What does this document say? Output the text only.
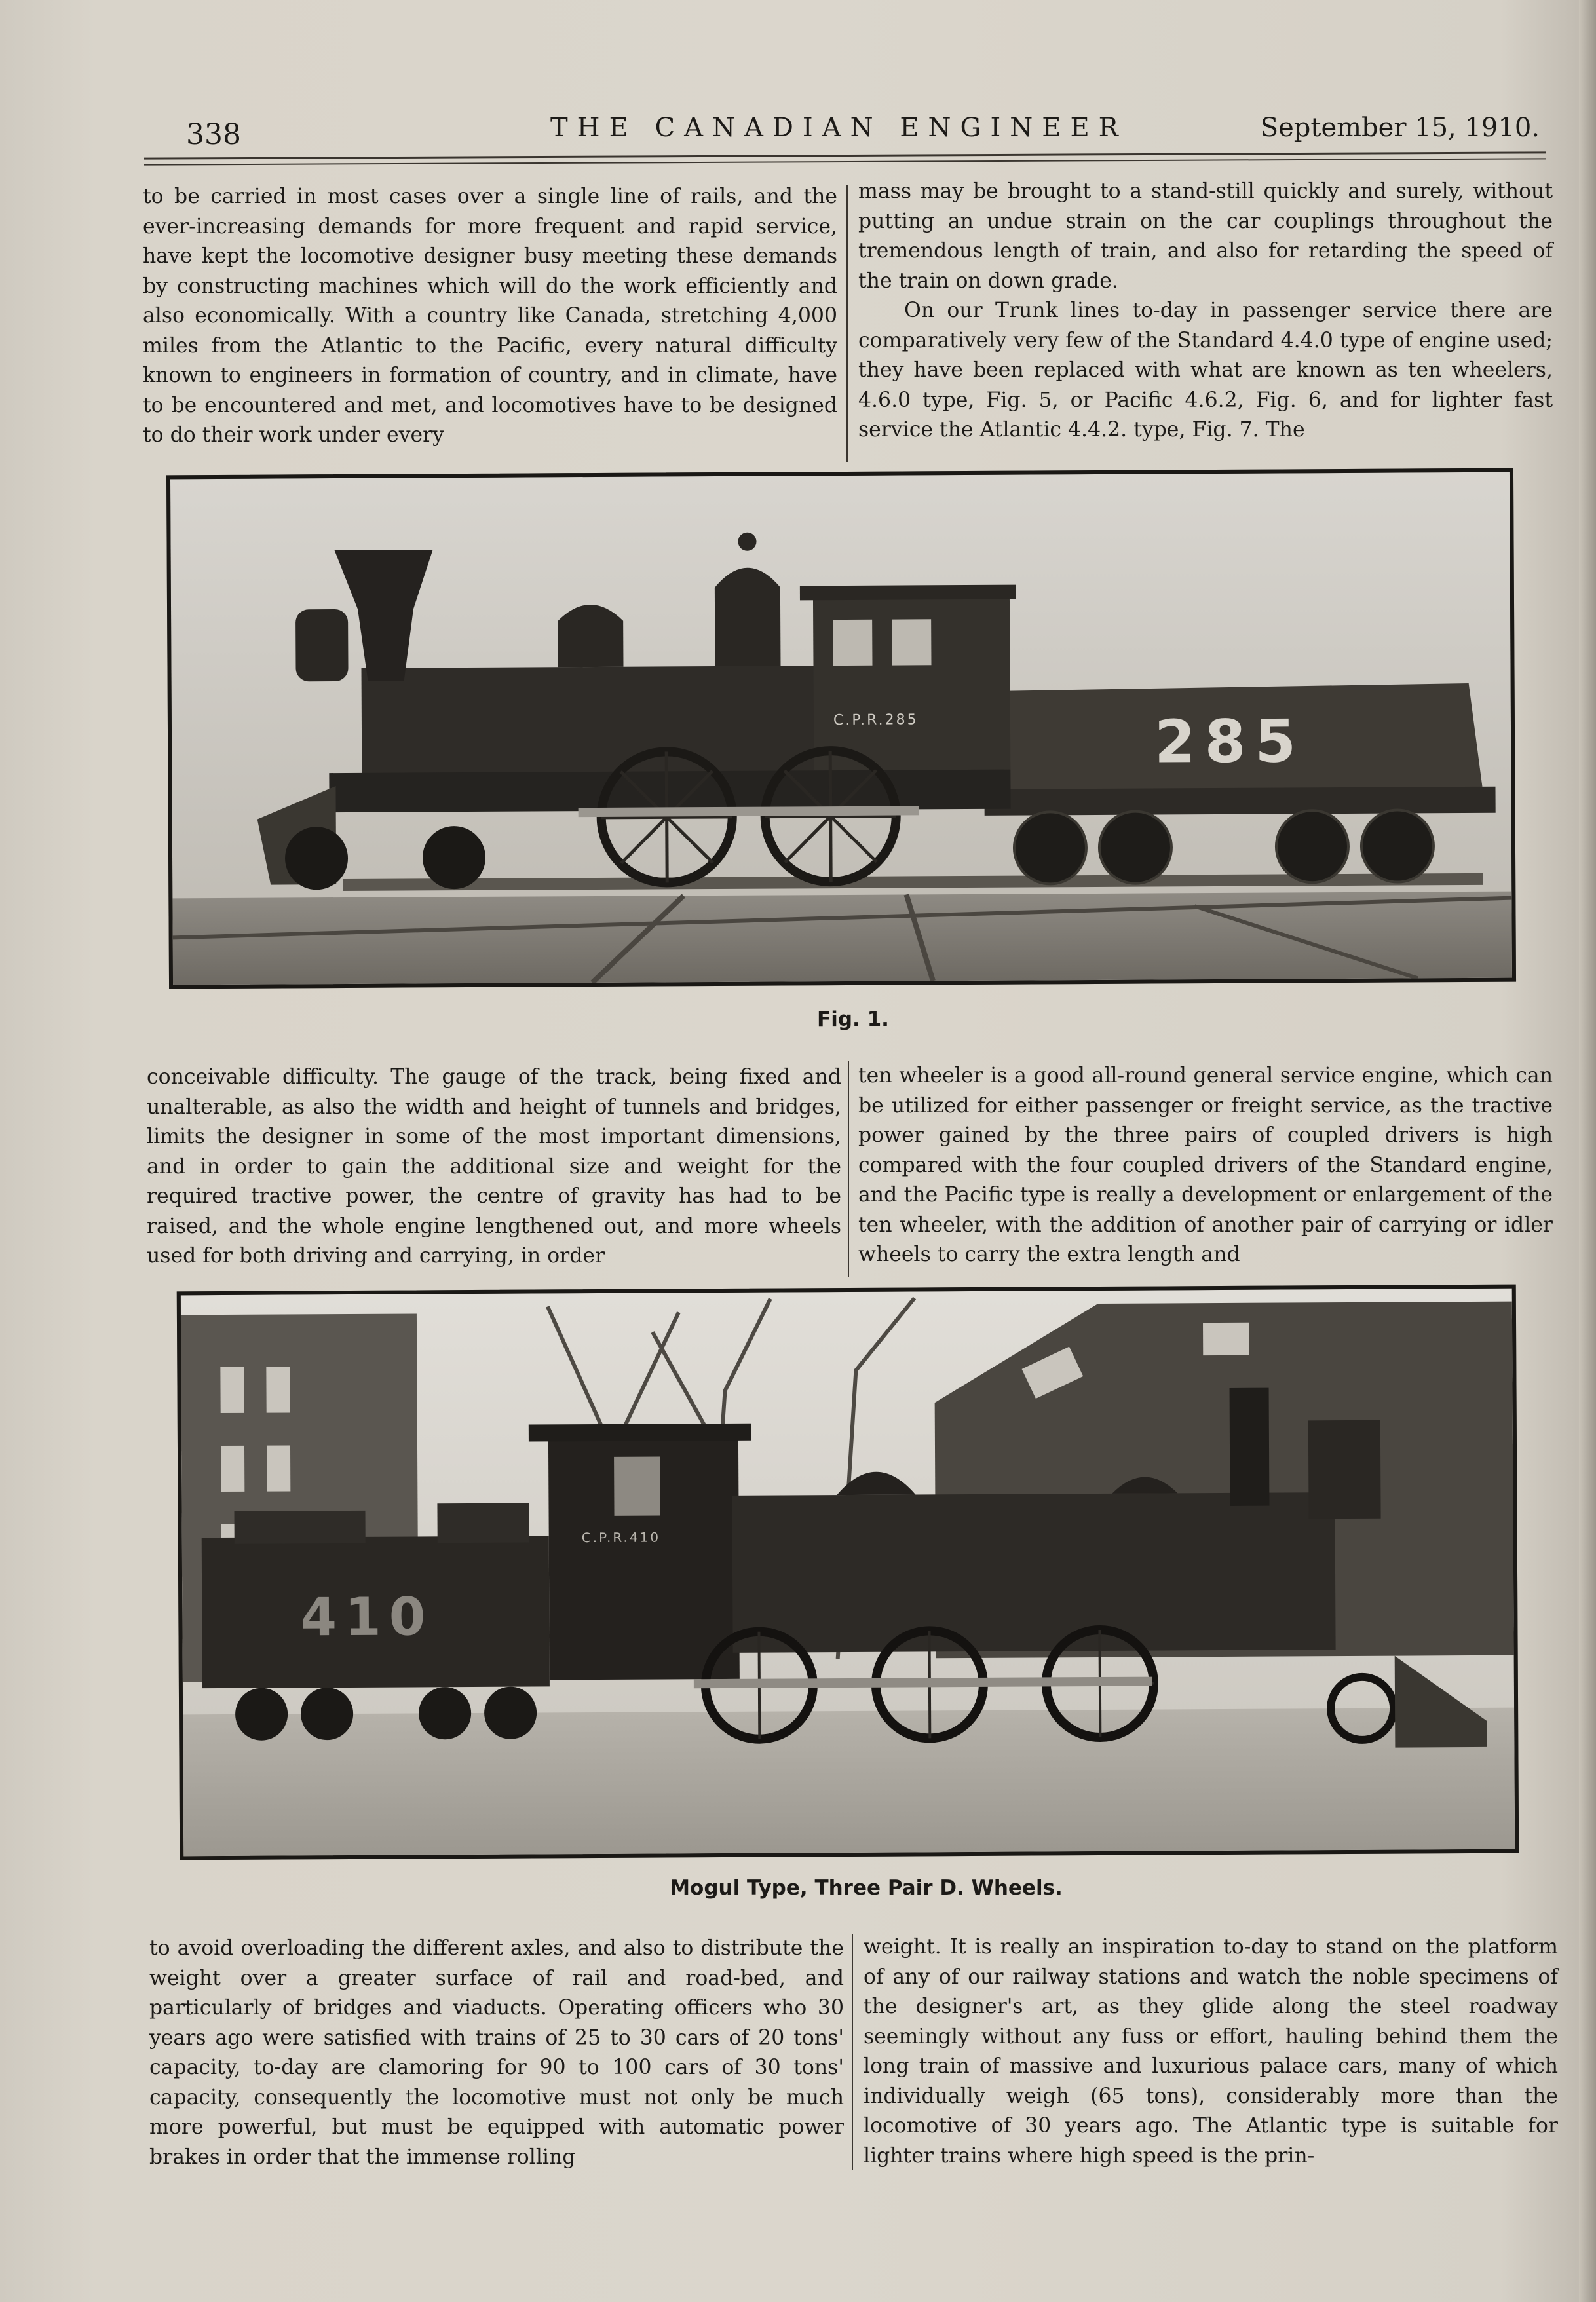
338	THE CANADIAN ENGINEER	September 15, 1910.

to be carried in most cases over a single line of rails, and the ever-increasing demands for more frequent and rapid service, have kept the locomotive designer busy meeting these demands by constructing machines which will do the work efficiently and also economically. With a country like Canada, stretching 4,000 miles from the Atlantic to the Pacific, every natural difficulty known to engineers in formation of country, and in climate, have to be encountered and met, and locomotives have to be designed to do their work under every

mass may be brought to a stand-still quickly and surely, without putting an undue strain on the car couplings throughout the tremendous length of train, and also for retarding the speed of the train on down grade.

On our Trunk lines to-day in passenger service there are comparatively very few of the Standard 4.4.0 type of engine used; they have been replaced with what are known as ten wheelers, 4.6.0 type, Fig. 5, or Pacific 4.6.2, Fig. 6, and for lighter fast service the Atlantic 4.4.2. type, Fig. 7. The

285
C.P.R.285
Fig. 1.

conceivable difficulty. The gauge of the track, being fixed and unalterable, as also the width and height of tunnels and bridges, limits the designer in some of the most important dimensions, and in order to gain the additional size and weight for the required tractive power, the centre of gravity has had to be raised, and the whole engine lengthened out, and more wheels used for both driving and carrying, in order

ten wheeler is a good all-round general service engine, which can be utilized for either passenger or freight service, as the tractive power gained by the three pairs of coupled drivers is high compared with the four coupled drivers of the Standard engine, and the Pacific type is really a development or enlargement of the ten wheeler, with the addition of another pair of carrying or idler wheels to carry the extra length and

410
C.P.R.410
Mogul Type, Three Pair D. Wheels.

to avoid overloading the different axles, and also to distribute the weight over a greater surface of rail and road-bed, and particularly of bridges and viaducts. Operating officers who 30 years ago were satisfied with trains of 25 to 30 cars of 20 tons' capacity, to-day are clamoring for 90 to 100 cars of 30 tons' capacity, consequently the locomotive must not only be much more powerful, but must be equipped with automatic power brakes in order that the immense rolling

weight. It is really an inspiration to-day to stand on the platform of any of our railway stations and watch the noble specimens of the designer's art, as they glide along the steel roadway seemingly without any fuss or effort, hauling behind them the long train of massive and luxurious palace cars, many of which individually weigh (65 tons), considerably more than the locomotive of 30 years ago. The Atlantic type is suitable for lighter trains where high speed is the prin-
